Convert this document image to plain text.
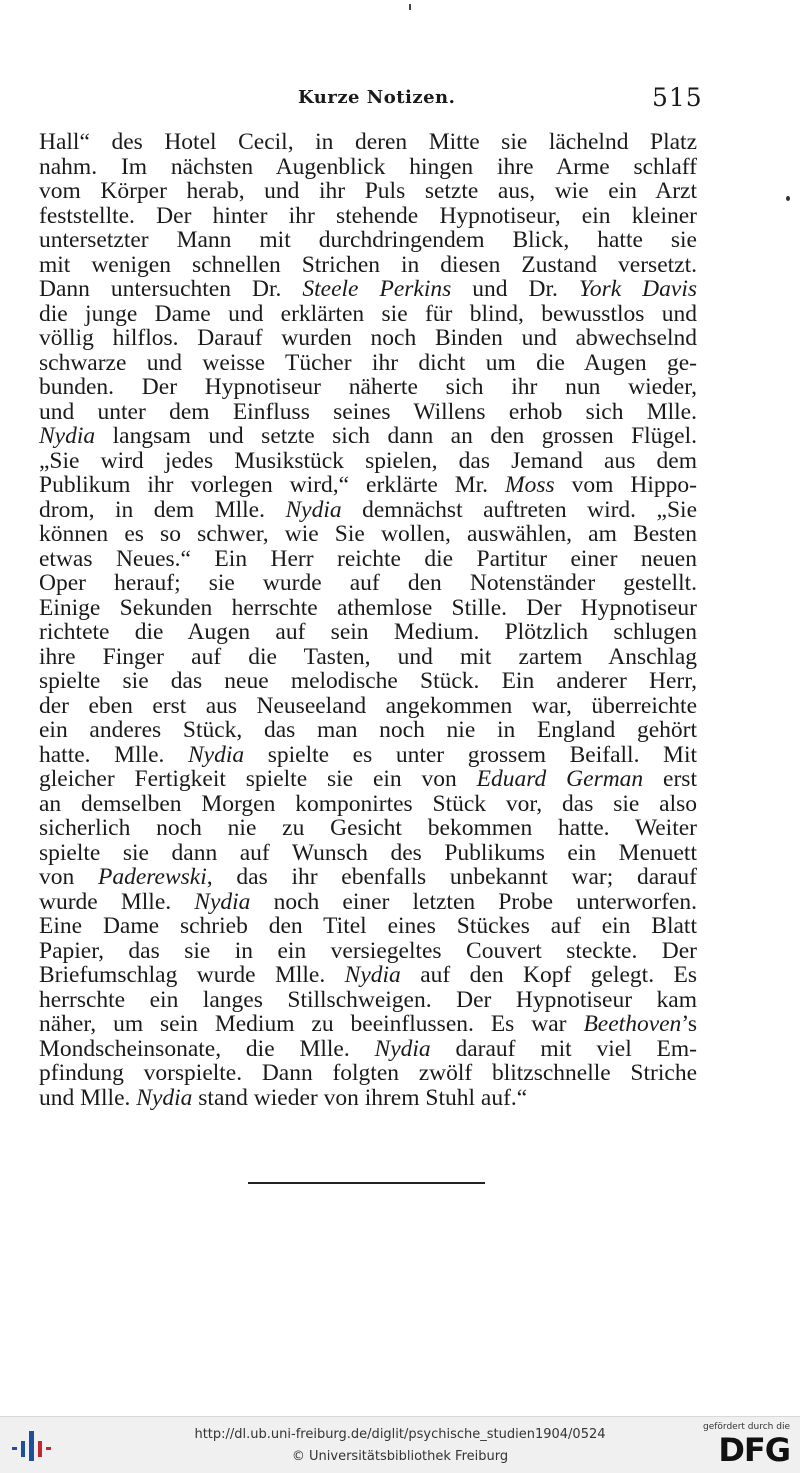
Kurze Notizen.	515
Hall“ des Hotel Cecil, in deren Mitte sie lächelnd Platz
nahm. Im nächsten Augenblick hingen ihre Arme schlaff
vom Körper herab, und ihr Puls setzte aus, wie ein Arzt
feststellte. Der hinter ihr stehende Hypnotiseur, ein kleiner
untersetzter Mann mit durchdringendem Blick, hatte sie
mit wenigen schnellen Strichen in diesen Zustand versetzt.
Dann untersuchten Dr. Steele Perkins und Dr. York Davis
die junge Dame und erklärten sie für blind, bewusstlos und
völlig hilflos. Darauf wurden noch Binden und abwechselnd
schwarze und weisse Tücher ihr dicht um die Augen ge-
bunden. Der Hypnotiseur näherte sich ihr nun wieder,
und unter dem Einfluss seines Willens erhob sich Mlle.
Nydia langsam und setzte sich dann an den grossen Flügel.
„Sie wird jedes Musikstück spielen, das Jemand aus dem
Publikum ihr vorlegen wird,“ erklärte Mr. Moss vom Hippo-
drom, in dem Mlle. Nydia demnächst auftreten wird. „Sie
können es so schwer, wie Sie wollen, auswählen, am Besten
etwas Neues.“ Ein Herr reichte die Partitur einer neuen
Oper herauf; sie wurde auf den Notenständer gestellt.
Einige Sekunden herrschte athemlose Stille. Der Hypnotiseur
richtete die Augen auf sein Medium. Plötzlich schlugen
ihre Finger auf die Tasten, und mit zartem Anschlag
spielte sie das neue melodische Stück. Ein anderer Herr,
der eben erst aus Neuseeland angekommen war, überreichte
ein anderes Stück, das man noch nie in England gehört
hatte. Mlle. Nydia spielte es unter grossem Beifall. Mit
gleicher Fertigkeit spielte sie ein von Eduard German erst
an demselben Morgen komponirtes Stück vor, das sie also
sicherlich noch nie zu Gesicht bekommen hatte. Weiter
spielte sie dann auf Wunsch des Publikums ein Menuett
von Paderewski, das ihr ebenfalls unbekannt war; darauf
wurde Mlle. Nydia noch einer letzten Probe unterworfen.
Eine Dame schrieb den Titel eines Stückes auf ein Blatt
Papier, das sie in ein versiegeltes Couvert steckte. Der
Briefumschlag wurde Mlle. Nydia auf den Kopf gelegt. Es
herrschte ein langes Stillschweigen. Der Hypnotiseur kam
näher, um sein Medium zu beeinflussen. Es war Beethoven’s
Mondscheinsonate, die Mlle. Nydia darauf mit viel Em-
pfindung vorspielte. Dann folgten zwölf blitzschnelle Striche
und Mlle. Nydia stand wieder von ihrem Stuhl auf.“
http://dl.ub.uni-freiburg.de/diglit/psychische_studien1904/0524
© Universitätsbibliothek Freiburg
gefördert durch die
DFG
